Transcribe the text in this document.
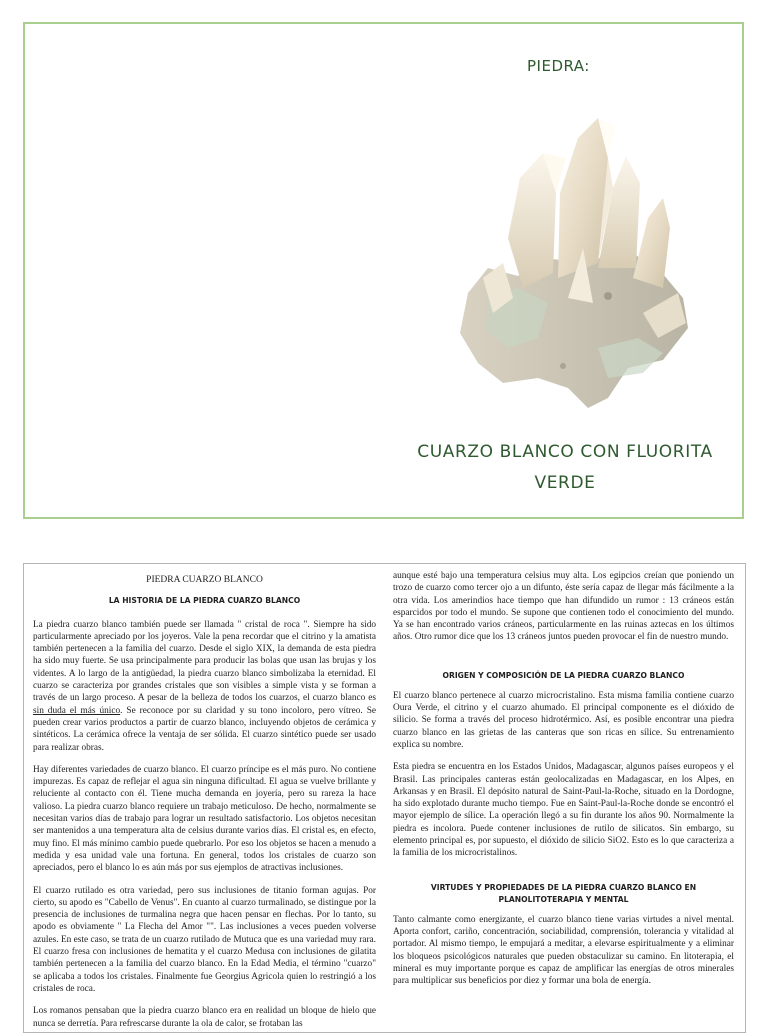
PIEDRA:
CUARZO BLANCO CON FLUORITA
VERDE
PIEDRA CUARZO BLANCO
LA HISTORIA DE LA PIEDRA CUARZO BLANCO

La piedra cuarzo blanco también puede ser llamada " cristal de roca ". Siempre ha sido particularmente apreciado por los joyeros. Vale la pena recordar que el citrino y la amatista también pertenecen a la familia del cuarzo. Desde el siglo XIX, la demanda de esta piedra ha sido muy fuerte. Se usa principalmente para producir las bolas que usan las brujas y los videntes. A lo largo de la antigüedad, la piedra cuarzo blanco simbolizaba la eternidad. El cuarzo se caracteriza por grandes cristales que son visibles a simple vista y se forman a través de un largo proceso. A pesar de la belleza de todos los cuarzos, el cuarzo blanco es sin duda el más único. Se reconoce por su claridad y su tono incoloro, pero vítreo. Se pueden crear varios productos a partir de cuarzo blanco, incluyendo objetos de cerámica y sintéticos. La cerámica ofrece la ventaja de ser sólida. El cuarzo sintético puede ser usado para realizar obras.

Hay diferentes variedades de cuarzo blanco. El cuarzo príncipe es el más puro. No contiene impurezas. Es capaz de reflejar el agua sin ninguna dificultad. El agua se vuelve brillante y reluciente al contacto con él. Tiene mucha demanda en joyería, pero su rareza la hace valioso. La piedra cuarzo blanco requiere un trabajo meticuloso. De hecho, normalmente se necesitan varios días de trabajo para lograr un resultado satisfactorio. Los objetos necesitan ser mantenidos a una temperatura alta de celsius durante varios días. El cristal es, en efecto, muy fino. El más mínimo cambio puede quebrarlo. Por eso los objetos se hacen a menudo a medida y esa unidad vale una fortuna. En general, todos los cristales de cuarzo son apreciados, pero el blanco lo es aún más por sus ejemplos de atractivas inclusiones.

El cuarzo rutilado es otra variedad, pero sus inclusiones de titanio forman agujas. Por cierto, su apodo es "Cabello de Venus". En cuanto al cuarzo turmalinado, se distingue por la presencia de inclusiones de turmalina negra que hacen pensar en flechas. Por lo tanto, su apodo es obviamente " La Flecha del Amor "". Las inclusiones a veces pueden volverse azules. En este caso, se trata de un cuarzo rutilado de Mutuca que es una variedad muy rara. El cuarzo fresa con inclusiones de hematita y el cuarzo Medusa con inclusiones de gilatita también pertenecen a la familia del cuarzo blanco. En la Edad Media, el término "cuarzo" se aplicaba a todos los cristales. Finalmente fue Georgius Agricola quien lo restringió a los cristales de roca.

Los romanos pensaban que la piedra cuarzo blanco era en realidad un bloque de hielo que nunca se derretía. Para refrescarse durante la ola de calor, se frotaban las

aunque esté bajo una temperatura celsius muy alta. Los egipcios creían que poniendo un trozo de cuarzo como tercer ojo a un difunto, éste sería capaz de llegar más fácilmente a la otra vida. Los amerindios hace tiempo que han difundido un rumor : 13 cráneos están esparcidos por todo el mundo. Se supone que contienen todo el conocimiento del mundo. Ya se han encontrado varios cráneos, particularmente en las ruinas aztecas en los últimos años. Otro rumor dice que los 13 cráneos juntos pueden provocar el fin de nuestro mundo.

ORIGEN Y COMPOSICIÓN DE LA PIEDRA CUARZO BLANCO

El cuarzo blanco pertenece al cuarzo microcristalino. Esta misma familia contiene cuarzo Oura Verde, el citrino y el cuarzo ahumado. El principal componente es el dióxido de silicio. Se forma a través del proceso hidrotérmico. Así, es posible encontrar una piedra cuarzo blanco en las grietas de las canteras que son ricas en sílice. Su entrenamiento explica su nombre.

Esta piedra se encuentra en los Estados Unidos, Madagascar, algunos países europeos y el Brasil. Las principales canteras están geolocalizadas en Madagascar, en los Alpes, en Arkansas y en Brasil. El depósito natural de Saint-Paul-la-Roche, situado en la Dordogne, ha sido explotado durante mucho tiempo. Fue en Saint-Paul-la-Roche donde se encontró el mayor ejemplo de sílice. La operación llegó a su fin durante los años 90. Normalmente la piedra es incolora. Puede contener inclusiones de rutilo de silicatos. Sin embargo, su elemento principal es, por supuesto, el dióxido de silicio SiO2. Esto es lo que caracteriza a la familia de los microcristalinos.

VIRTUDES Y PROPIEDADES DE LA PIEDRA CUARZO BLANCO EN
PLANOLITOTERAPIA Y MENTAL

Tanto calmante como energizante, el cuarzo blanco tiene varias virtudes a nivel mental. Aporta confort, cariño, concentración, sociabilidad, comprensión, tolerancia y vitalidad al portador. Al mismo tiempo, le empujará a meditar, a elevarse espiritualmente y a eliminar los bloqueos psicológicos naturales que pueden obstaculizar su camino. En litoterapia, el mineral es muy importante porque es capaz de amplificar las energías de otros minerales para multiplicar sus beneficios por diez y formar una bola de energía.
